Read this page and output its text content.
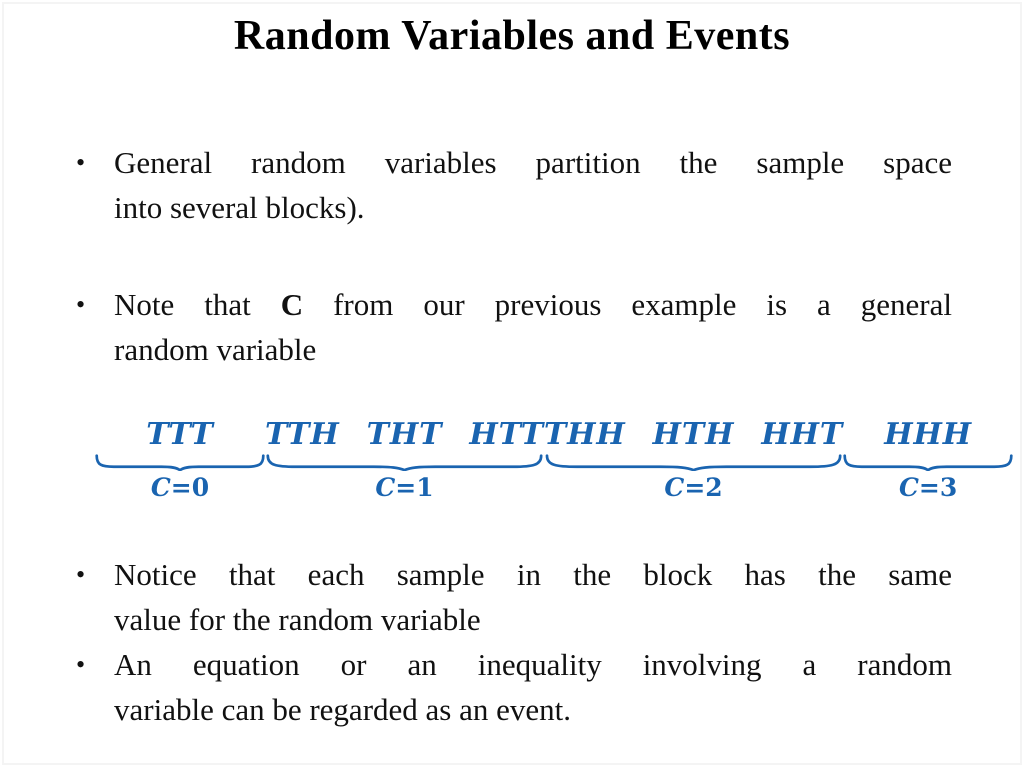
Random Variables and Events
• General random variables partition the sample space
into several blocks).
• Note that C from our previous example is a general
random variable
TTT
C=0
TTH THT HTT
C=1
THH HTH HHT
C=2
HHH
C=3
• Notice that each sample in the block has the same
value for the random variable
• An equation or an inequality involving a random
variable can be regarded as an event.
